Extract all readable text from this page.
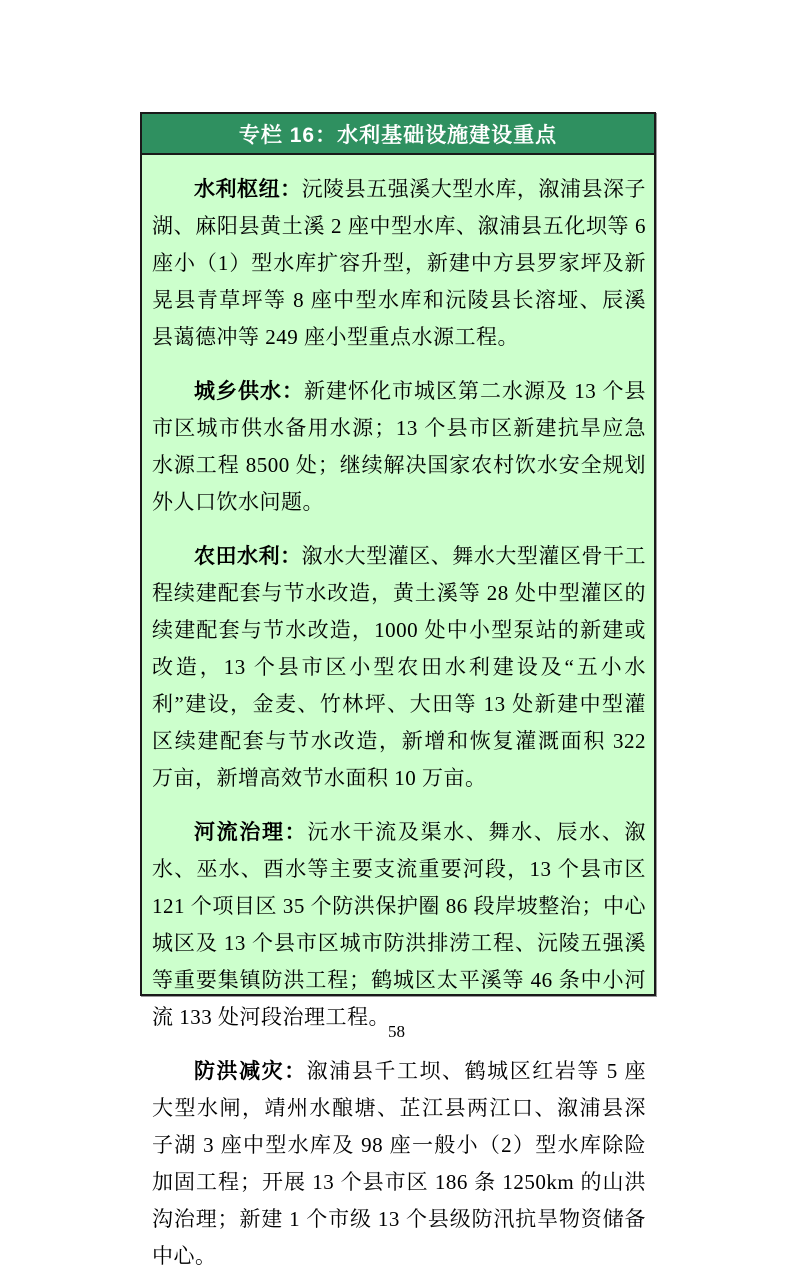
专栏 16：水利基础设施建设重点

水利枢纽：沅陵县五强溪大型水库，溆浦县深子湖、麻阳县黄土溪 2 座中型水库、溆浦县五化坝等 6 座小（1）型水库扩容升型，新建中方县罗家坪及新晃县青草坪等 8 座中型水库和沅陵县长溶垭、辰溪县蔼德冲等 249 座小型重点水源工程。

城乡供水：新建怀化市城区第二水源及 13 个县市区城市供水备用水源；13 个县市区新建抗旱应急水源工程 8500 处；继续解决国家农村饮水安全规划外人口饮水问题。

农田水利：溆水大型灌区、舞水大型灌区骨干工程续建配套与节水改造，黄土溪等 28 处中型灌区的续建配套与节水改造，1000 处中小型泵站的新建或改造，13 个县市区小型农田水利建设及“五小水利”建设，金麦、竹林坪、大田等 13 处新建中型灌区续建配套与节水改造，新增和恢复灌溉面积 322 万亩，新增高效节水面积 10 万亩。

河流治理：沅水干流及渠水、舞水、辰水、溆水、巫水、酉水等主要支流重要河段，13 个县市区 121 个项目区 35 个防洪保护圈 86 段岸坡整治；中心城区及 13 个县市区城市防洪排涝工程、沅陵五强溪等重要集镇防洪工程；鹤城区太平溪等 46 条中小河流 133 处河段治理工程。

防洪减灾：溆浦县千工坝、鹤城区红岩等 5 座大型水闸，靖州水酿塘、芷江县两江口、溆浦县深子湖 3 座中型水库及 98 座一般小（2）型水库除险加固工程；开展 13 个县市区 186 条 1250km 的山洪沟治理；新建 1 个市级 13 个县级防汛抗旱物资储备中心。

58
